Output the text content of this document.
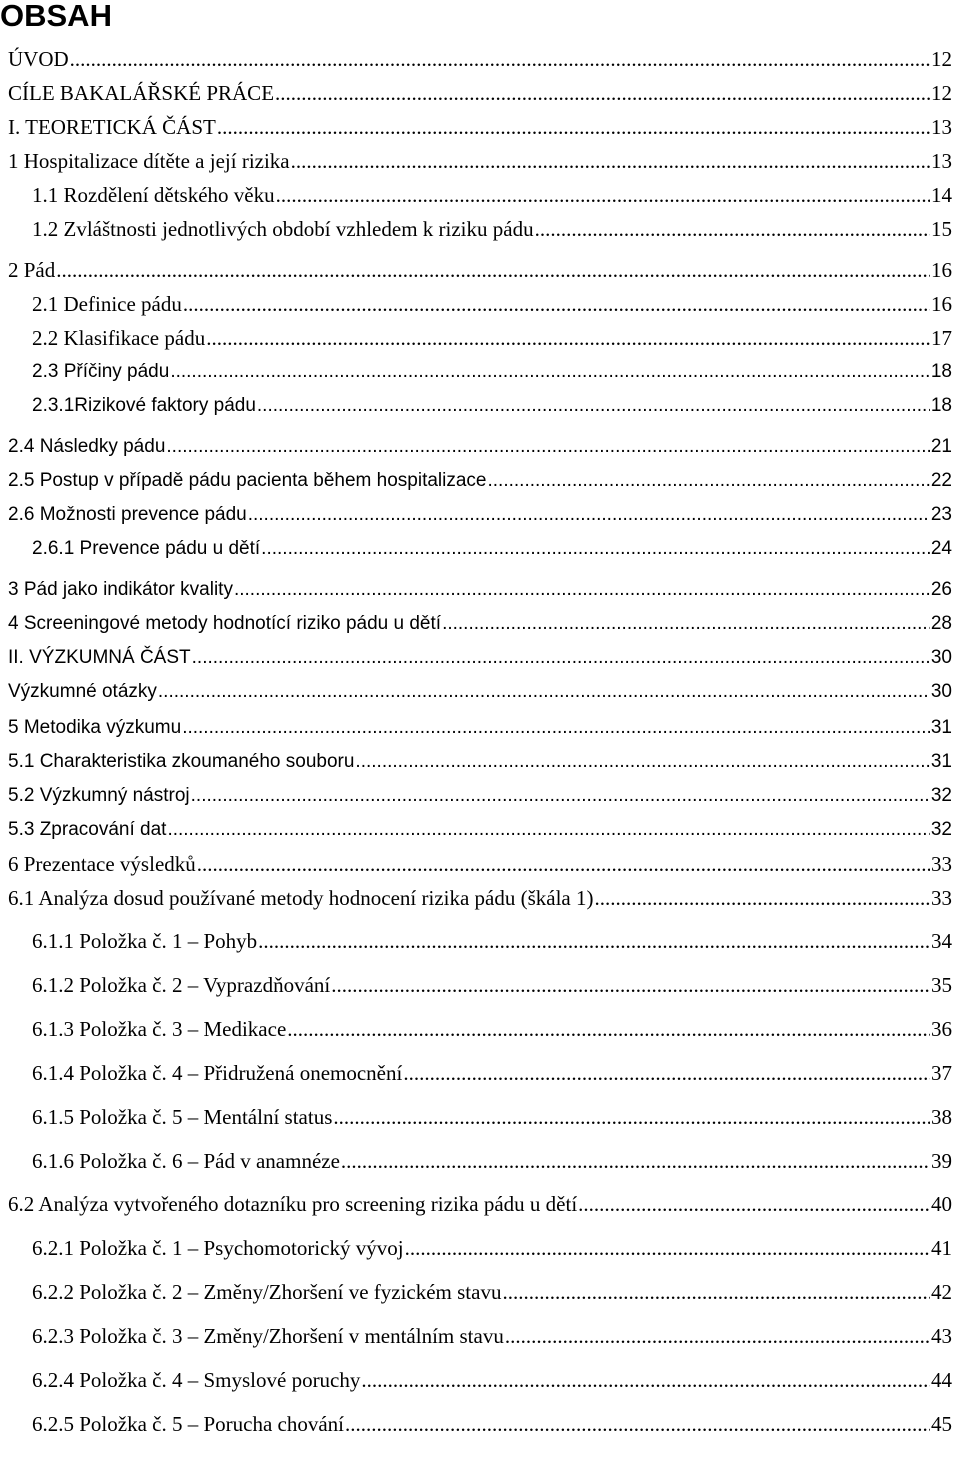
OBSAH
ÚVOD .....	12
CÍLE BAKALÁŘSKÉ PRÁCE .....	12
I. TEORETICKÁ ČÁST .....	13
1 Hospitalizace dítěte a její rizika .....	13
1.1 Rozdělení dětského věku .....	14
1.2 Zvláštnosti jednotlivých období vzhledem k riziku pádu .....	15
2 Pád .....	16
2.1 Definice pádu .....	16
2.2 Klasifikace pádu .....	17
2.3 Příčiny pádu .....	18
2.3.1Rizikové faktory pádu .....	18
2.4 Následky pádu .....	21
2.5 Postup v případě pádu pacienta během hospitalizace .....	22
2.6 Možnosti prevence pádu .....	23
2.6.1 Prevence pádu u dětí .....	24
3 Pád jako indikátor kvality .....	26
4 Screeningové metody hodnotící riziko pádu u dětí .....	28
II. VÝZKUMNÁ ČÁST .....	30
Výzkumné otázky .....	30
5 Metodika výzkumu .....	31
5.1 Charakteristika zkoumaného souboru .....	31
5.2 Výzkumný nástroj .....	32
5.3 Zpracování dat .....	32
6 Prezentace výsledků .....	33
6.1 Analýza dosud používané metody hodnocení rizika pádu (škála 1) .....	33
6.1.1 Položka č. 1 – Pohyb .....	34
6.1.2 Položka č. 2 – Vyprazdňování .....	35
6.1.3 Položka č. 3 – Medikace .....	36
6.1.4 Položka č. 4 – Přidružená onemocnění .....	37
6.1.5 Položka č. 5 – Mentální status .....	38
6.1.6 Položka č. 6 – Pád v anamnéze .....	39
6.2 Analýza vytvořeného dotazníku pro screening rizika pádu u dětí .....	40
6.2.1 Položka č. 1 – Psychomotorický vývoj .....	41
6.2.2 Položka č. 2 – Změny/Zhoršení ve fyzickém stavu .....	42
6.2.3 Položka č. 3 – Změny/Zhoršení v mentálním stavu .....	43
6.2.4 Položka č. 4 – Smyslové poruchy .....	44
6.2.5 Položka č. 5 – Porucha chování .....	45
